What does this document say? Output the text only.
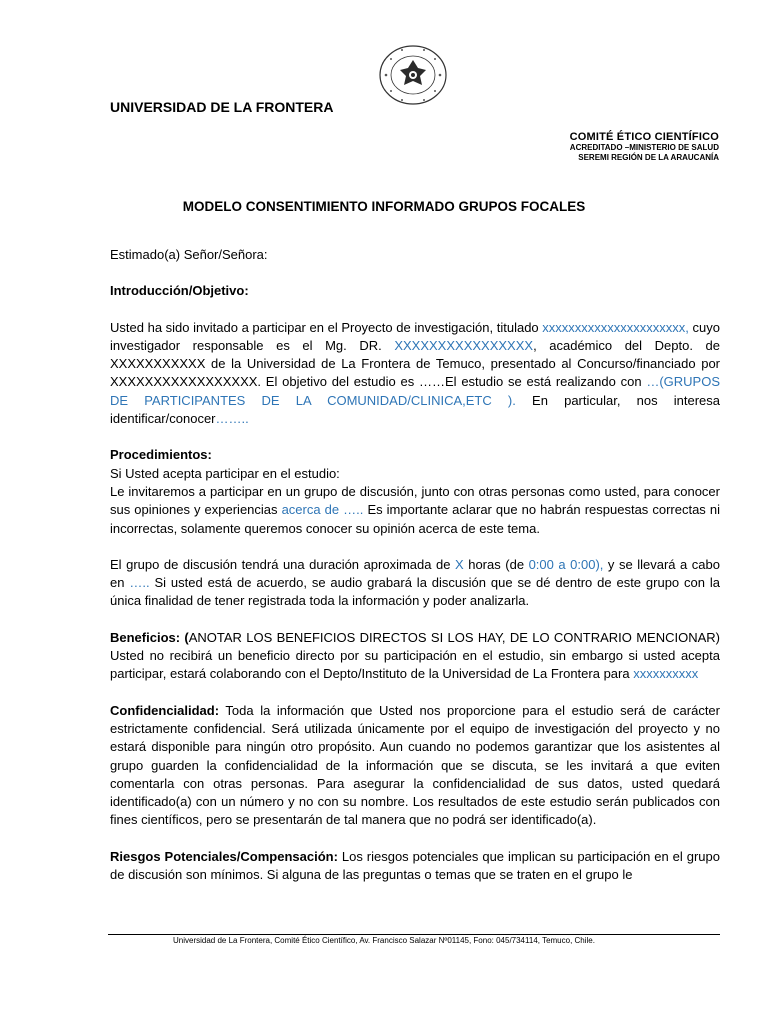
UNIVERSIDAD DE LA FRONTERA
COMITÉ ÉTICO CIENTÍFICO
ACREDITADO –MINISTERIO DE SALUD
SEREMI REGIÓN DE LA ARAUCANÍA
MODELO CONSENTIMIENTO INFORMADO GRUPOS FOCALES

Estimado(a) Señor/Señora:

Introducción/Objetivo:

Usted ha sido invitado a participar en el Proyecto de investigación, titulado xxxxxxxxxxxxxxxxxxxxxx, cuyo investigador responsable es el Mg. DR. XXXXXXXXXXXXXXXX, académico del Depto. de XXXXXXXXXXX de la Universidad de La Frontera de Temuco, presentado al Concurso/financiado por XXXXXXXXXXXXXXXXX. El objetivo del estudio es ……El estudio se está realizando con …(GRUPOS DE PARTICIPANTES DE LA COMUNIDAD/CLINICA,ETC ). En particular, nos interesa identificar/conocer……..

Procedimientos:

Si Usted acepta participar en el estudio:

Le invitaremos a participar en un grupo de discusión, junto con otras personas como usted, para conocer sus opiniones y experiencias acerca de ….. Es importante aclarar que no habrán respuestas correctas ni incorrectas, solamente queremos conocer su opinión acerca de este tema.

El grupo de discusión tendrá una duración aproximada de X horas (de 0:00 a 0:00), y se llevará a cabo en ….. Si usted está de acuerdo, se audio grabará la discusión que se dé dentro de este grupo con la única finalidad de tener registrada toda la información y poder analizarla.

Beneficios: (ANOTAR LOS BENEFICIOS DIRECTOS SI LOS HAY, DE LO CONTRARIO MENCIONAR) Usted no recibirá un beneficio directo por su participación en el estudio, sin embargo si usted acepta participar, estará colaborando con el Depto/Instituto de la Universidad de La Frontera para xxxxxxxxxx

Confidencialidad: Toda la información que Usted nos proporcione para el estudio será de carácter estrictamente confidencial. Será utilizada únicamente por el equipo de investigación del proyecto y no estará disponible para ningún otro propósito. Aun cuando no podemos garantizar que los asistentes al grupo guarden la confidencialidad de la información que se discuta, se les invitará a que eviten comentarla con otras personas. Para asegurar la confidencialidad de sus datos, usted quedará identificado(a) con un número y no con su nombre. Los resultados de este estudio serán publicados con fines científicos, pero se presentarán de tal manera que no podrá ser identificado(a).

Riesgos Potenciales/Compensación: Los riesgos potenciales que implican su participación en el grupo de discusión son mínimos. Si alguna de las preguntas o temas que se traten en el grupo le

Universidad de La Frontera, Comité Ético Científico, Av. Francisco Salazar Nº01145, Fono: 045/734114, Temuco, Chile.
